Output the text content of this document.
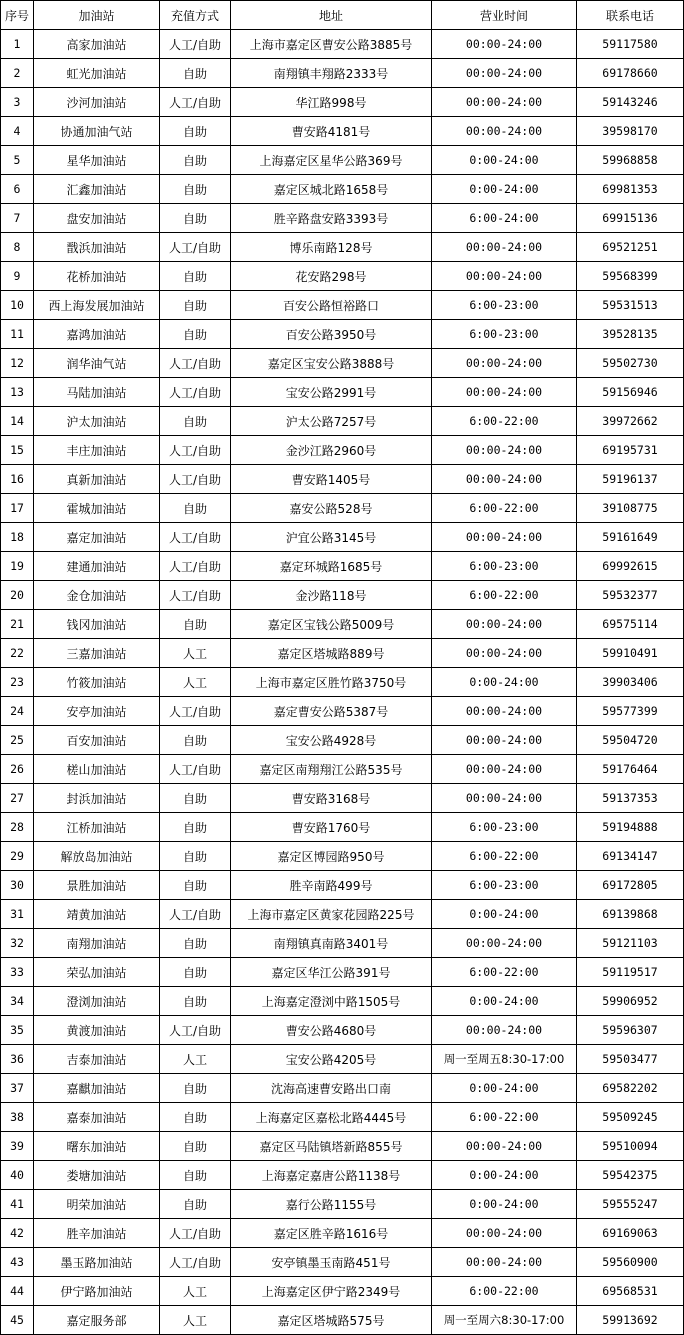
序号	加油站	充值方式	地址	营业时间	联系电话
1	高家加油站	人工/自助	上海市嘉定区曹安公路3885号	00:00-24:00	59117580
2	虹光加油站	自助	南翔镇丰翔路2333号	00:00-24:00	69178660
3	沙河加油站	人工/自助	华江路998号	00:00-24:00	59143246
4	协通加油气站	自助	曹安路4181号	00:00-24:00	39598170
5	星华加油站	自助	上海嘉定区星华公路369号	0:00-24:00	59968858
6	汇鑫加油站	自助	嘉定区城北路1658号	0:00-24:00	69981353
7	盘安加油站	自助	胜辛路盘安路3393号	6:00-24:00	69915136
8	戬浜加油站	人工/自助	博乐南路128号	00:00-24:00	69521251
9	花桥加油站	自助	花安路298号	00:00-24:00	59568399
10	西上海发展加油站	自助	百安公路恒裕路口	6:00-23:00	59531513
11	嘉鸿加油站	自助	百安公路3950号	6:00-23:00	39528135
12	润华油气站	人工/自助	嘉定区宝安公路3888号	00:00-24:00	59502730
13	马陆加油站	人工/自助	宝安公路2991号	00:00-24:00	59156946
14	沪太加油站	自助	沪太公路7257号	6:00-22:00	39972662
15	丰庄加油站	人工/自助	金沙江路2960号	00:00-24:00	69195731
16	真新加油站	人工/自助	曹安路1405号	00:00-24:00	59196137
17	霍城加油站	自助	嘉安公路528号	6:00-22:00	39108775
18	嘉定加油站	人工/自助	沪宜公路3145号	00:00-24:00	59161649
19	建通加油站	人工/自助	嘉定环城路1685号	6:00-23:00	69992615
20	金仓加油站	人工/自助	金沙路118号	6:00-22:00	59532377
21	钱冈加油站	自助	嘉定区宝钱公路5009号	00:00-24:00	69575114
22	三嘉加油站	人工	嘉定区塔城路889号	00:00-24:00	59910491
23	竹筱加油站	人工	上海市嘉定区胜竹路3750号	0:00-24:00	39903406
24	安亭加油站	人工/自助	嘉定曹安公路5387号	00:00-24:00	59577399
25	百安加油站	自助	宝安公路4928号	00:00-24:00	59504720
26	槎山加油站	人工/自助	嘉定区南翔翔江公路535号	00:00-24:00	59176464
27	封浜加油站	自助	曹安路3168号	00:00-24:00	59137353
28	江桥加油站	自助	曹安路1760号	6:00-23:00	59194888
29	解放岛加油站	自助	嘉定区博园路950号	6:00-22:00	69134147
30	景胜加油站	自助	胜辛南路499号	6:00-23:00	69172805
31	靖黄加油站	人工/自助	上海市嘉定区黄家花园路225号	0:00-24:00	69139868
32	南翔加油站	自助	南翔镇真南路3401号	00:00-24:00	59121103
33	荣弘加油站	自助	嘉定区华江公路391号	6:00-22:00	59119517
34	澄浏加油站	自助	上海嘉定澄浏中路1505号	0:00-24:00	59906952
35	黄渡加油站	人工/自助	曹安公路4680号	00:00-24:00	59596307
36	吉泰加油站	人工	宝安公路4205号	周一至周五8:30-17:00	59503477
37	嘉麒加油站	自助	沈海高速曹安路出口南	0:00-24:00	69582202
38	嘉泰加油站	自助	上海嘉定区嘉松北路4445号	6:00-22:00	59509245
39	曙东加油站	自助	嘉定区马陆镇塔新路855号	00:00-24:00	59510094
40	娄塘加油站	自助	上海嘉定嘉唐公路1138号	0:00-24:00	59542375
41	明荣加油站	自助	嘉行公路1155号	0:00-24:00	59555247
42	胜辛加油站	人工/自助	嘉定区胜辛路1616号	00:00-24:00	69169063
43	墨玉路加油站	人工/自助	安亭镇墨玉南路451号	00:00-24:00	59560900
44	伊宁路加油站	人工	上海嘉定区伊宁路2349号	6:00-22:00	69568531
45	嘉定服务部	人工	嘉定区塔城路575号	周一至周六8:30-17:00	59913692
